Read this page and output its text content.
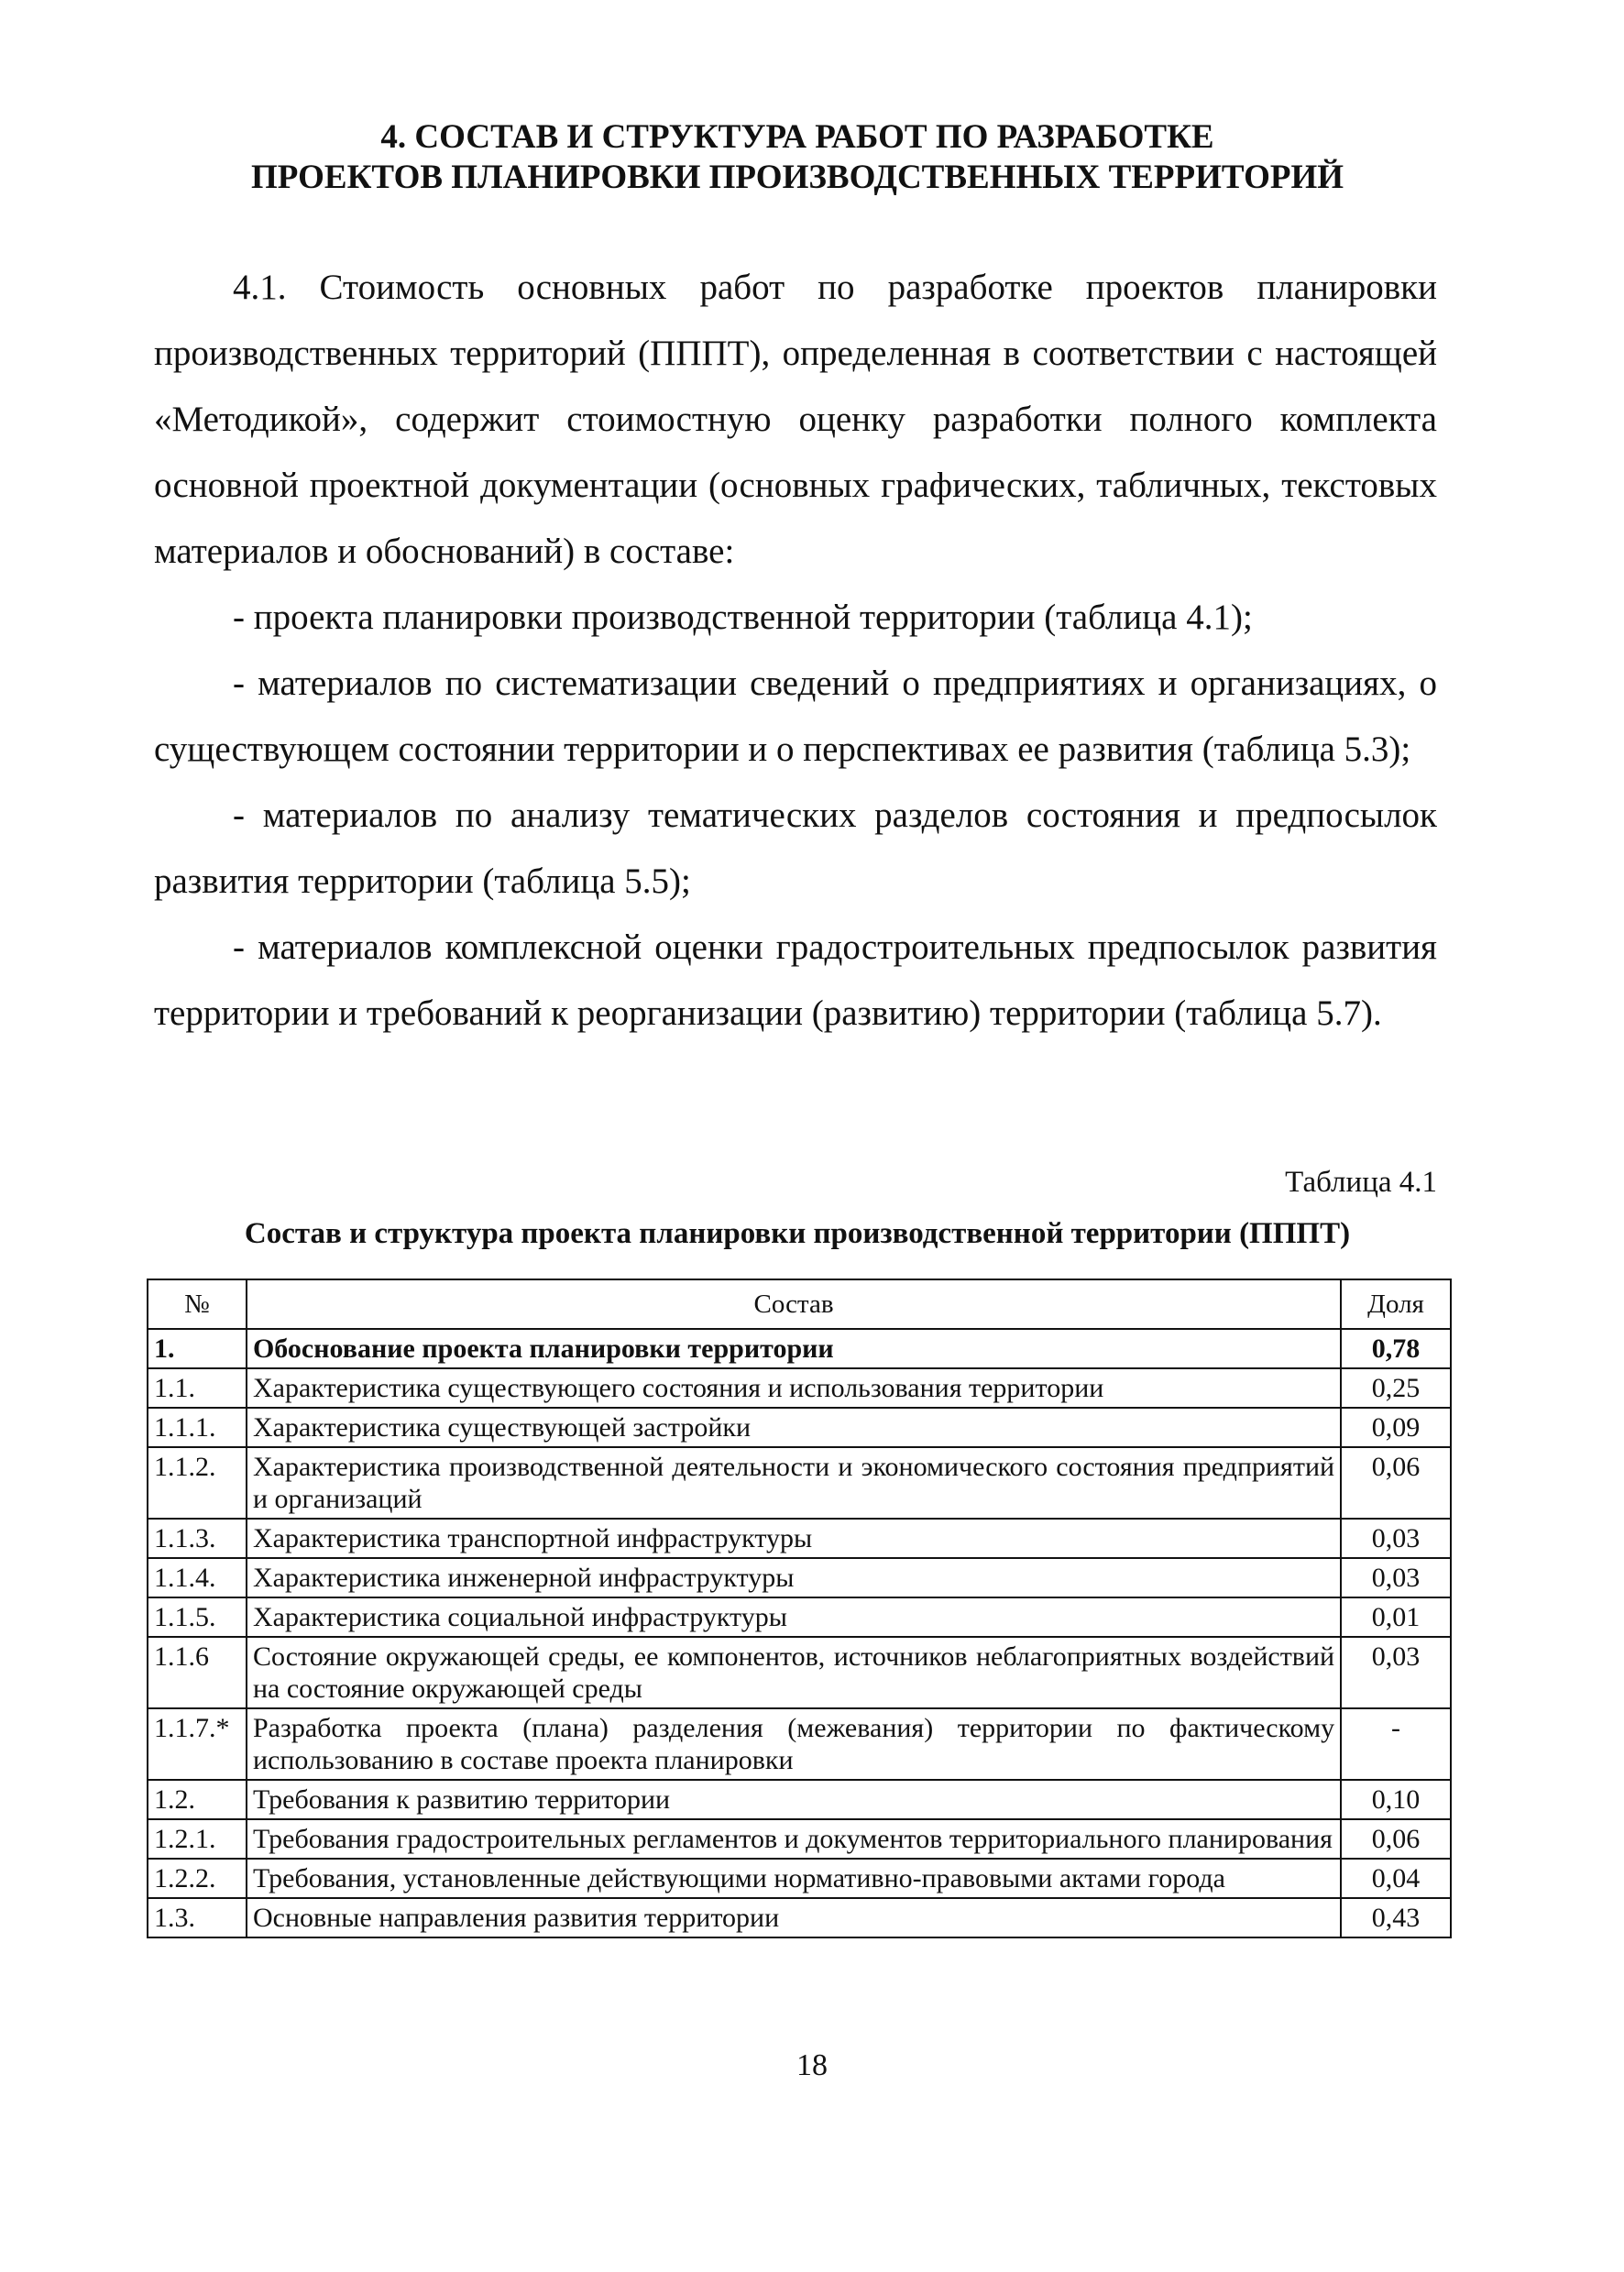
4. СОСТАВ И СТРУКТУРА РАБОТ ПО РАЗРАБОТКЕ
ПРОЕКТОВ ПЛАНИРОВКИ ПРОИЗВОДСТВЕННЫХ ТЕРРИТОРИЙ

4.1. Стоимость основных работ по разработке проектов планировки производственных территорий (ПППТ), определенная в соответствии с настоящей «Методикой», содержит стоимостную оценку разработки полного комплекта основной проектной документации (основных графических, табличных, текстовых материалов и обоснований) в составе:

- проекта планировки производственной территории (таблица 4.1);

- материалов по систематизации сведений о предприятиях и организациях, о существующем состоянии территории и о перспективах ее развития (таблица 5.3);

- материалов по анализу тематических разделов состояния и предпосылок развития территории (таблица 5.5);

- материалов комплексной оценки градостроительных предпосылок развития территории и требований к реорганизации (развитию) территории (таблица 5.7).

Таблица 4.1
Состав и структура проекта планировки производственной территории (ПППТ)
№	Состав	Доля
1.	Обоснование проекта планировки территории	0,78
1.1.	Характеристика существующего состояния и использования территории	0,25
1.1.1.	Характеристика существующей застройки	0,09
1.1.2.	Характеристика производственной деятельности и экономического состояния предприятий и организаций	0,06
1.1.3.	Характеристика транспортной инфраструктуры	0,03
1.1.4.	Характеристика инженерной инфраструктуры	0,03
1.1.5.	Характеристика социальной инфраструктуры	0,01
1.1.6	Состояние окружающей среды, ее компонентов, источников неблагоприятных воздействий на состояние окружающей среды	0,03
1.1.7.*	Разработка проекта (плана) разделения (межевания) территории по фактическому использованию в составе проекта планировки	-
1.2.	Требования к развитию территории	0,10
1.2.1.	Требования градостроительных регламентов и документов территориального планирования	0,06
1.2.2.	Требования, установленные действующими нормативно-правовыми актами города	0,04
1.3.	Основные направления развития территории	0,43
18
